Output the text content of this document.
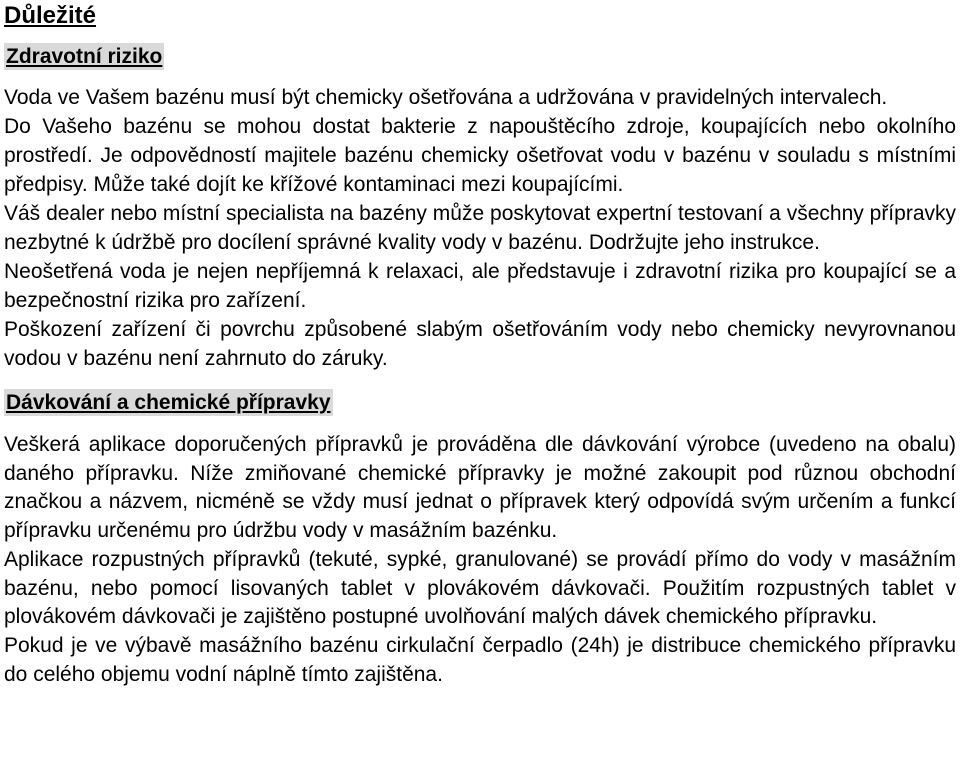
Důležité
Zdravotní riziko

Voda ve Vašem bazénu musí být chemicky ošetřována a udržována v pravidelných intervalech.

Do Vašeho bazénu se mohou dostat bakterie z napouštěcího zdroje, koupajících nebo okolního prostředí. Je odpovědností majitele bazénu chemicky ošetřovat vodu v bazénu v souladu s místními předpisy. Může také dojít ke křížové kontaminaci mezi koupajícími.

Váš dealer nebo místní specialista na bazény může poskytovat expertní testovaní a všechny přípravky nezbytné k údržbě pro docílení správné kvality vody v bazénu. Dodržujte jeho instrukce.

Neošetřená voda je nejen nepříjemná k relaxaci, ale představuje i zdravotní rizika pro koupající se a bezpečnostní rizika pro zařízení.

Poškození zařízení či povrchu způsobené slabým ošetřováním vody nebo chemicky nevyrovnanou vodou v bazénu není zahrnuto do záruky.

Dávkování a chemické přípravky

Veškerá aplikace doporučených přípravků je prováděna dle dávkování výrobce (uvedeno na obalu) daného přípravku. Níže zmiňované chemické přípravky je možné zakoupit pod různou obchodní značkou a názvem, nicméně se vždy musí jednat o přípravek který odpovídá svým určením a funkcí přípravku určenému pro údržbu vody v masážním bazénku.

Aplikace rozpustných přípravků (tekuté, sypké, granulované) se provádí přímo do vody v masážním bazénu, nebo pomocí lisovaných tablet v plovákovém dávkovači. Použitím rozpustných tablet v plovákovém dávkovači je zajištěno postupné uvolňování malých dávek chemického přípravku.

Pokud je ve výbavě masážního bazénu cirkulační čerpadlo (24h) je distribuce chemického přípravku do celého objemu vodní náplně tímto zajištěna.
